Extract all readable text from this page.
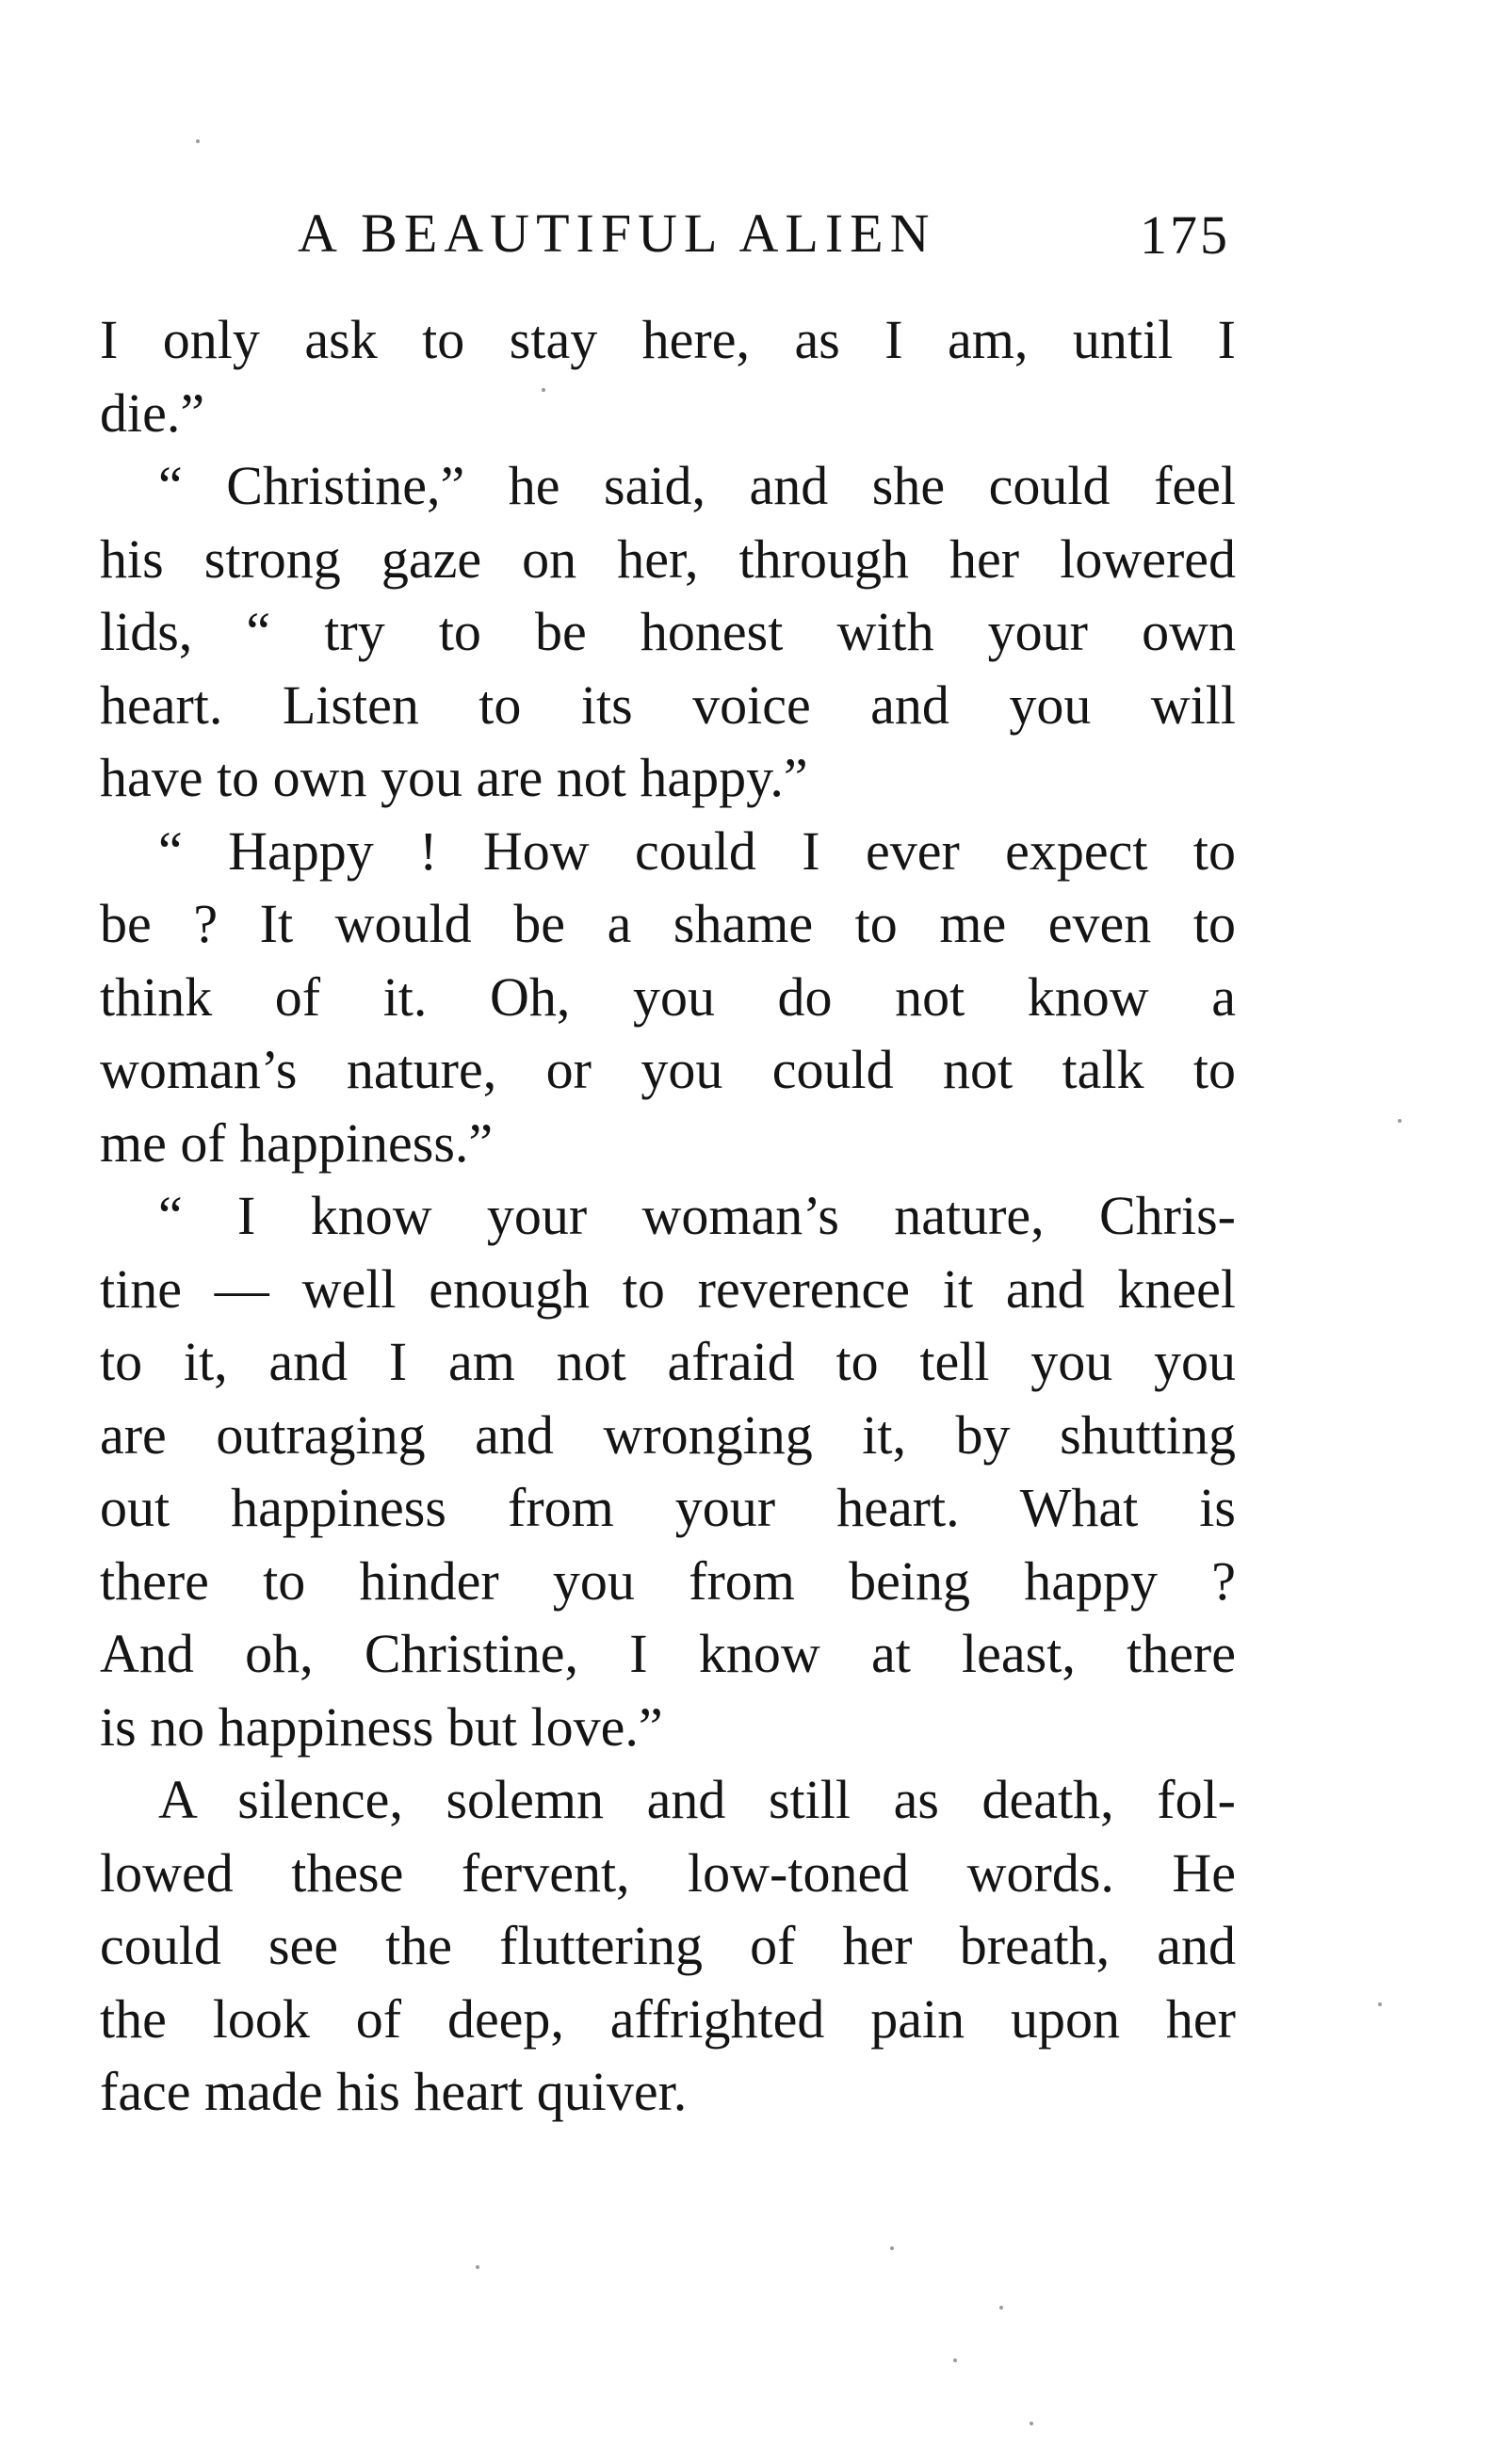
A BEAUTIFUL ALIEN	175
I only ask to stay here, as I am, until I
die.”
“ Christine,” he said, and she could feel
his strong gaze on her, through her lowered
lids, “ try to be honest with your own
heart. Listen to its voice and you will
have to own you are not happy.”
“ Happy ! How could I ever expect to
be ? It would be a shame to me even to
think of it. Oh, you do not know a
woman’s nature, or you could not talk to
me of happiness.”
“ I know your woman’s nature, Chris-
tine — well enough to reverence it and kneel
to it, and I am not afraid to tell you you
are outraging and wronging it, by shutting
out happiness from your heart. What is
there to hinder you from being happy ?
And oh, Christine, I know at least, there
is no happiness but love.”
A silence, solemn and still as death, fol-
lowed these fervent, low-toned words. He
could see the fluttering of her breath, and
the look of deep, affrighted pain upon her
face made his heart quiver.
